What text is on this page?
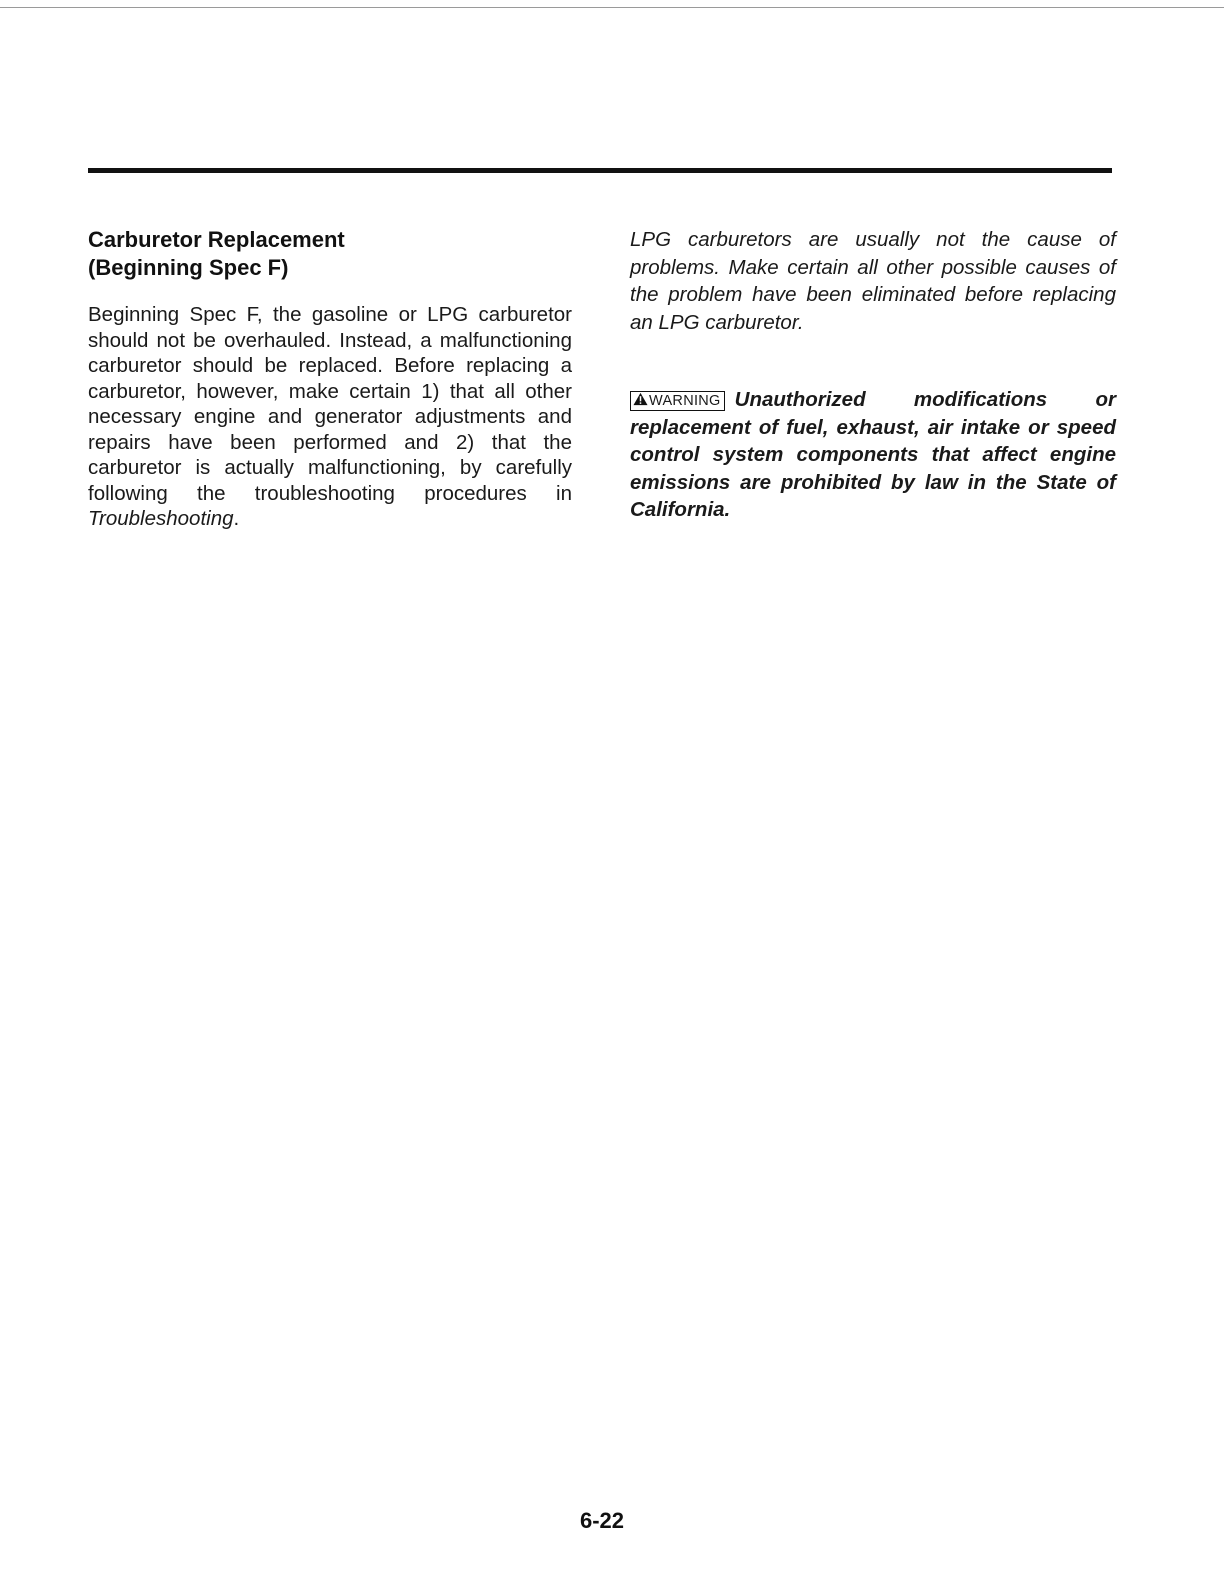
Carburetor Replacement
(Beginning Spec F)

Beginning Spec F, the gasoline or LPG carburetor should not be overhauled. Instead, a malfunctioning carburetor should be replaced. Before replacing a carburetor, however, make certain 1) that all other necessary engine and generator adjustments and repairs have been performed and 2) that the carburetor is actually malfunctioning, by carefully following the troubleshooting procedures in Troubleshooting.

LPG carburetors are usually not the cause of problems. Make certain all other possible causes of the problem have been eliminated before replacing an LPG carburetor.

WARNING Unauthorized modifications or replacement of fuel, exhaust, air intake or speed control system components that affect engine emissions are prohibited by law in the State of California.
6-22
